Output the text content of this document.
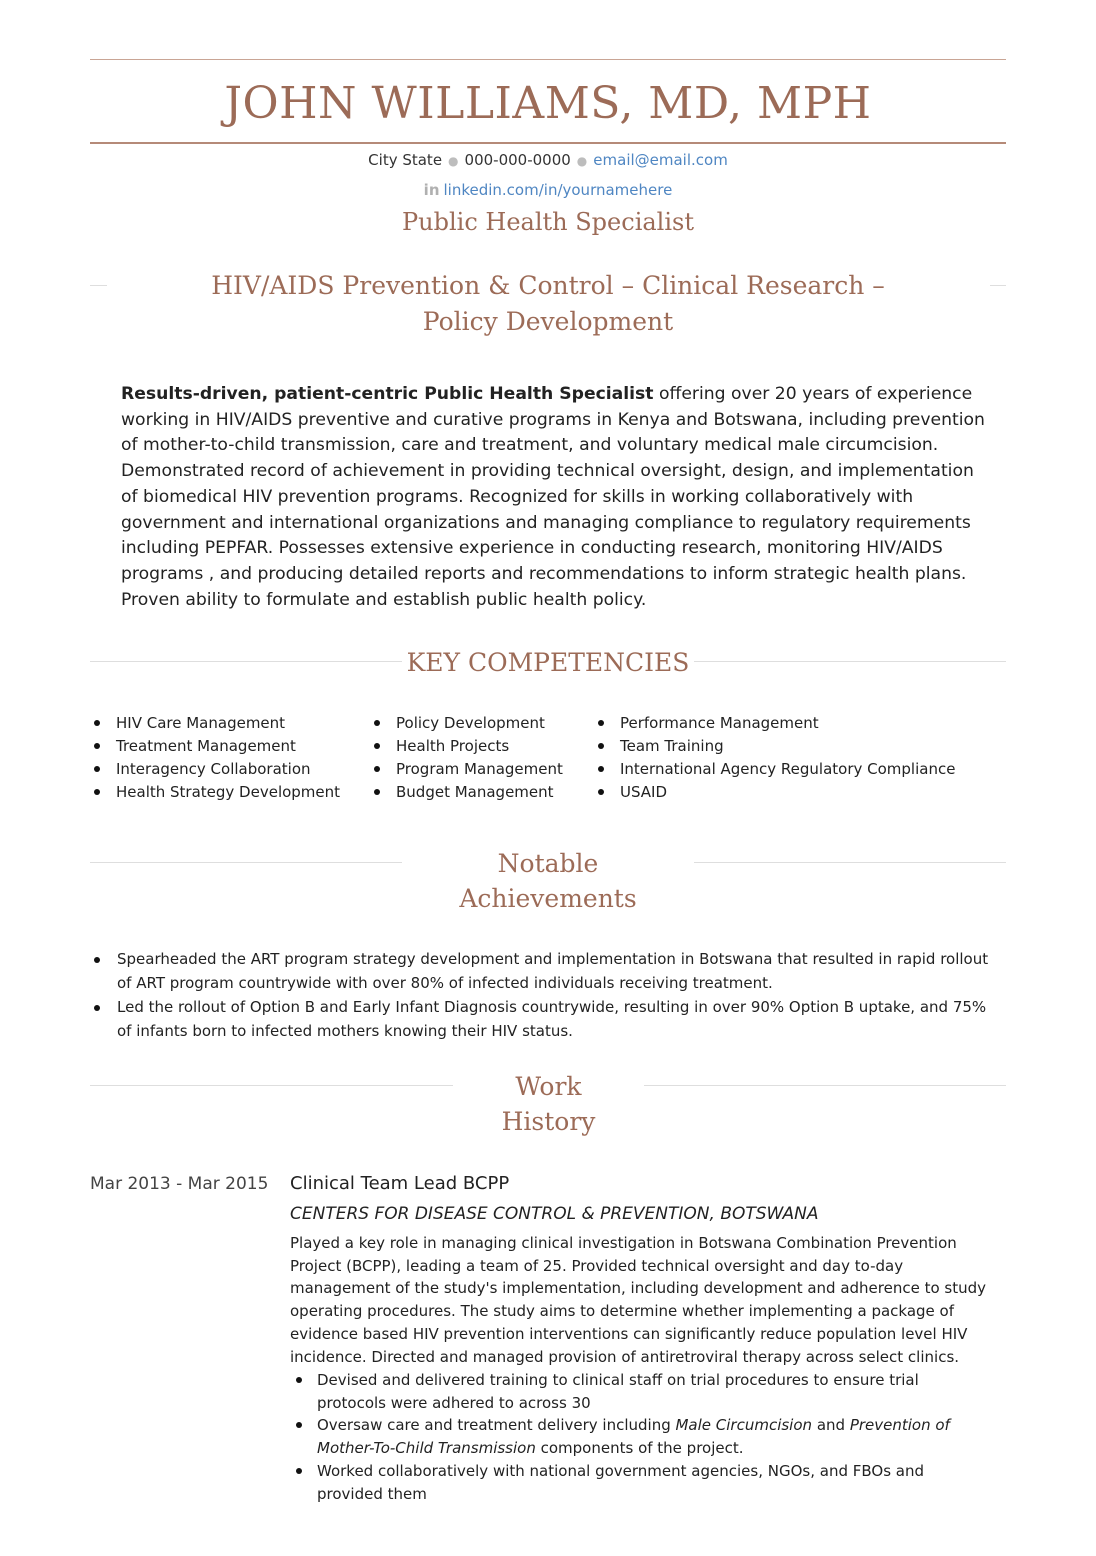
JOHN WILLIAMS, MD, MPH
City State ● 000-000-0000 ● email@email.com
in linkedin.com/in/yournamehere
Public Health Specialist
HIV/AIDS Prevention & Control – Clinical Research – Policy Development
Results-driven, patient-centric Public Health Specialist offering over 20 years of experience working in HIV/AIDS preventive and curative programs in Kenya and Botswana, including prevention of mother-to-child transmission, care and treatment, and voluntary medical male circumcision. Demonstrated record of achievement in providing technical oversight, design, and implementation of biomedical HIV prevention programs. Recognized for skills in working collaboratively with government and international organizations and managing compliance to regulatory requirements including PEPFAR. Possesses extensive experience in conducting research, monitoring HIV/AIDS programs , and producing detailed reports and recommendations to inform strategic health plans. Proven ability to formulate and establish public health policy.
KEY COMPETENCIES
HIV Care Management
Treatment Management
Interagency Collaboration
Health Strategy Development
Policy Development
Health Projects
Program Management
Budget Management
Performance Management
Team Training
International Agency Regulatory Compliance
USAID
Notable
Achievements
Spearheaded the ART program strategy development and implementation in Botswana that resulted in rapid rollout of ART program countrywide with over 80% of infected individuals receiving treatment.
Led the rollout of Option B and Early Infant Diagnosis countrywide, resulting in over 90% Option B uptake, and 75% of infants born to infected mothers knowing their HIV status.
Work
History
Mar 2013 - Mar 2015 Clinical Team Lead BCPP
CENTERS FOR DISEASE CONTROL & PREVENTION, BOTSWANA
Played a key role in managing clinical investigation in Botswana Combination Prevention Project (BCPP), leading a team of 25. Provided technical oversight and day to-day management of the study's implementation, including development and adherence to study operating procedures. The study aims to determine whether implementing a package of evidence based HIV prevention interventions can significantly reduce population level HIV incidence. Directed and managed provision of antiretroviral therapy across select clinics.
Devised and delivered training to clinical staff on trial procedures to ensure trial protocols were adhered to across 30
Oversaw care and treatment delivery including Male Circumcision and Prevention of Mother-To-Child Transmission components of the project.
Worked collaboratively with national government agencies, NGOs, and FBOs and provided them
